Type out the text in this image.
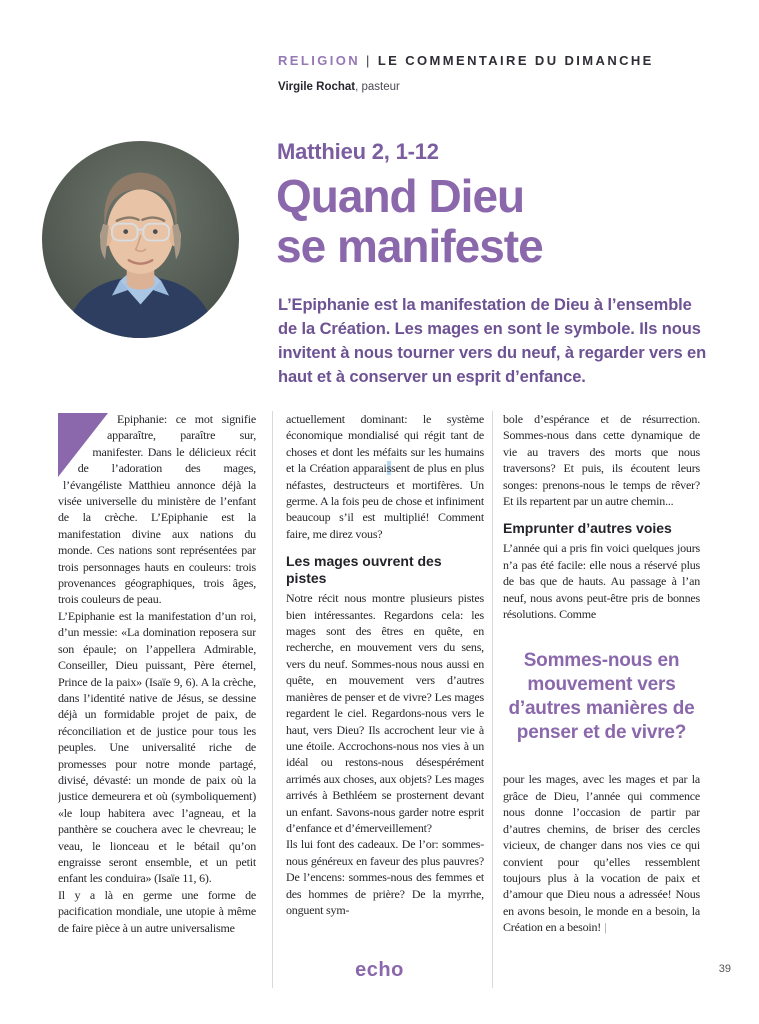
RELIGION | LE COMMENTAIRE DU DIMANCHE
Virgile Rochat, pasteur
Matthieu 2, 1-12
Quand Dieu
se manifeste

L’Epiphanie est la manifestation de Dieu à l’ensemble de la Création. Les mages en sont le symbole. Ils nous invitent à nous tourner vers du neuf, à regarder vers en haut et à conserver un esprit d’enfance.

Epiphanie: ce mot signifie apparaître, paraître sur, manifester. Dans le délicieux récit de l’adoration des mages, l’évangéliste Matthieu annonce déjà la visée universelle du ministère de l’enfant de la crèche. L’Epiphanie est la manifestation divine aux nations du monde. Ces nations sont représentées par trois personnages hauts en couleurs: trois provenances géographiques, trois âges, trois couleurs de peau.

L’Epiphanie est la manifestation d’un roi, d’un messie: «La domination reposera sur son épaule; on l’appellera Admirable, Conseiller, Dieu puissant, Père éternel, Prince de la paix» (Isaïe 9, 6). A la crèche, dans l’identité native de Jésus, se dessine déjà un formidable projet de paix, de réconciliation et de justice pour tous les peuples. Une universalité riche de promesses pour notre monde partagé, divisé, dévasté: un monde de paix où la justice demeurera et où (symboliquement) «le loup habitera avec l’agneau, et la panthère se couchera avec le chevreau; le veau, le lionceau et le bétail qu’on engraisse seront ensemble, et un petit enfant les conduira» (Isaïe 11, 6).

Il y a là en germe une forme de pacification mondiale, une utopie à même de faire pièce à un autre universalisme

actuellement dominant: le système économique mondialisé qui régit tant de choses et dont les méfaits sur les humains et la Création apparaissent de plus en plus néfastes, destructeurs et mortifères. Un germe. A la fois peu de chose et infiniment beaucoup s’il est multiplié! Comment faire, me direz vous?

Les mages ouvrent des pistes

Notre récit nous montre plusieurs pistes bien intéressantes. Regardons cela: les mages sont des êtres en quête, en recherche, en mouvement vers du sens, vers du neuf. Sommes-nous nous aussi en quête, en mouvement vers d’autres manières de penser et de vivre? Les mages regardent le ciel. Regardons-nous vers le haut, vers Dieu? Ils accrochent leur vie à une étoile. Accrochons-nous nos vies à un idéal ou restons-nous désespérément arrimés aux choses, aux objets? Les mages arrivés à Bethléem se prosternent devant un enfant. Savons-nous garder notre esprit d’enfance et d’émerveillement?

Ils lui font des cadeaux. De l’or: sommes-nous généreux en faveur des plus pauvres? De l’encens: sommes-nous des femmes et des hommes de prière? De la myrrhe, onguent sym-

bole d’espérance et de résurrection. Sommes-nous dans cette dynamique de vie au travers des morts que nous traversons? Et puis, ils écoutent leurs songes: prenons-nous le temps de rêver? Et ils repartent par un autre chemin...

Emprunter d’autres voies

L’année qui a pris fin voici quelques jours n’a pas été facile: elle nous a réservé plus de bas que de hauts. Au passage à l’an neuf, nous avons peut-être pris de bonnes résolutions. Comme

Sommes-nous en mouvement vers d’autres manières de penser et de vivre?

pour les mages, avec les mages et par la grâce de Dieu, l’année qui commence nous donne l’occasion de partir par d’autres chemins, de briser des cercles vicieux, de changer dans nos vies ce qui convient pour qu’elles ressemblent toujours plus à la vocation de paix et d’amour que Dieu nous a adressée! Nous en avons besoin, le monde en a besoin, la Création en a besoin! |

echo	39
